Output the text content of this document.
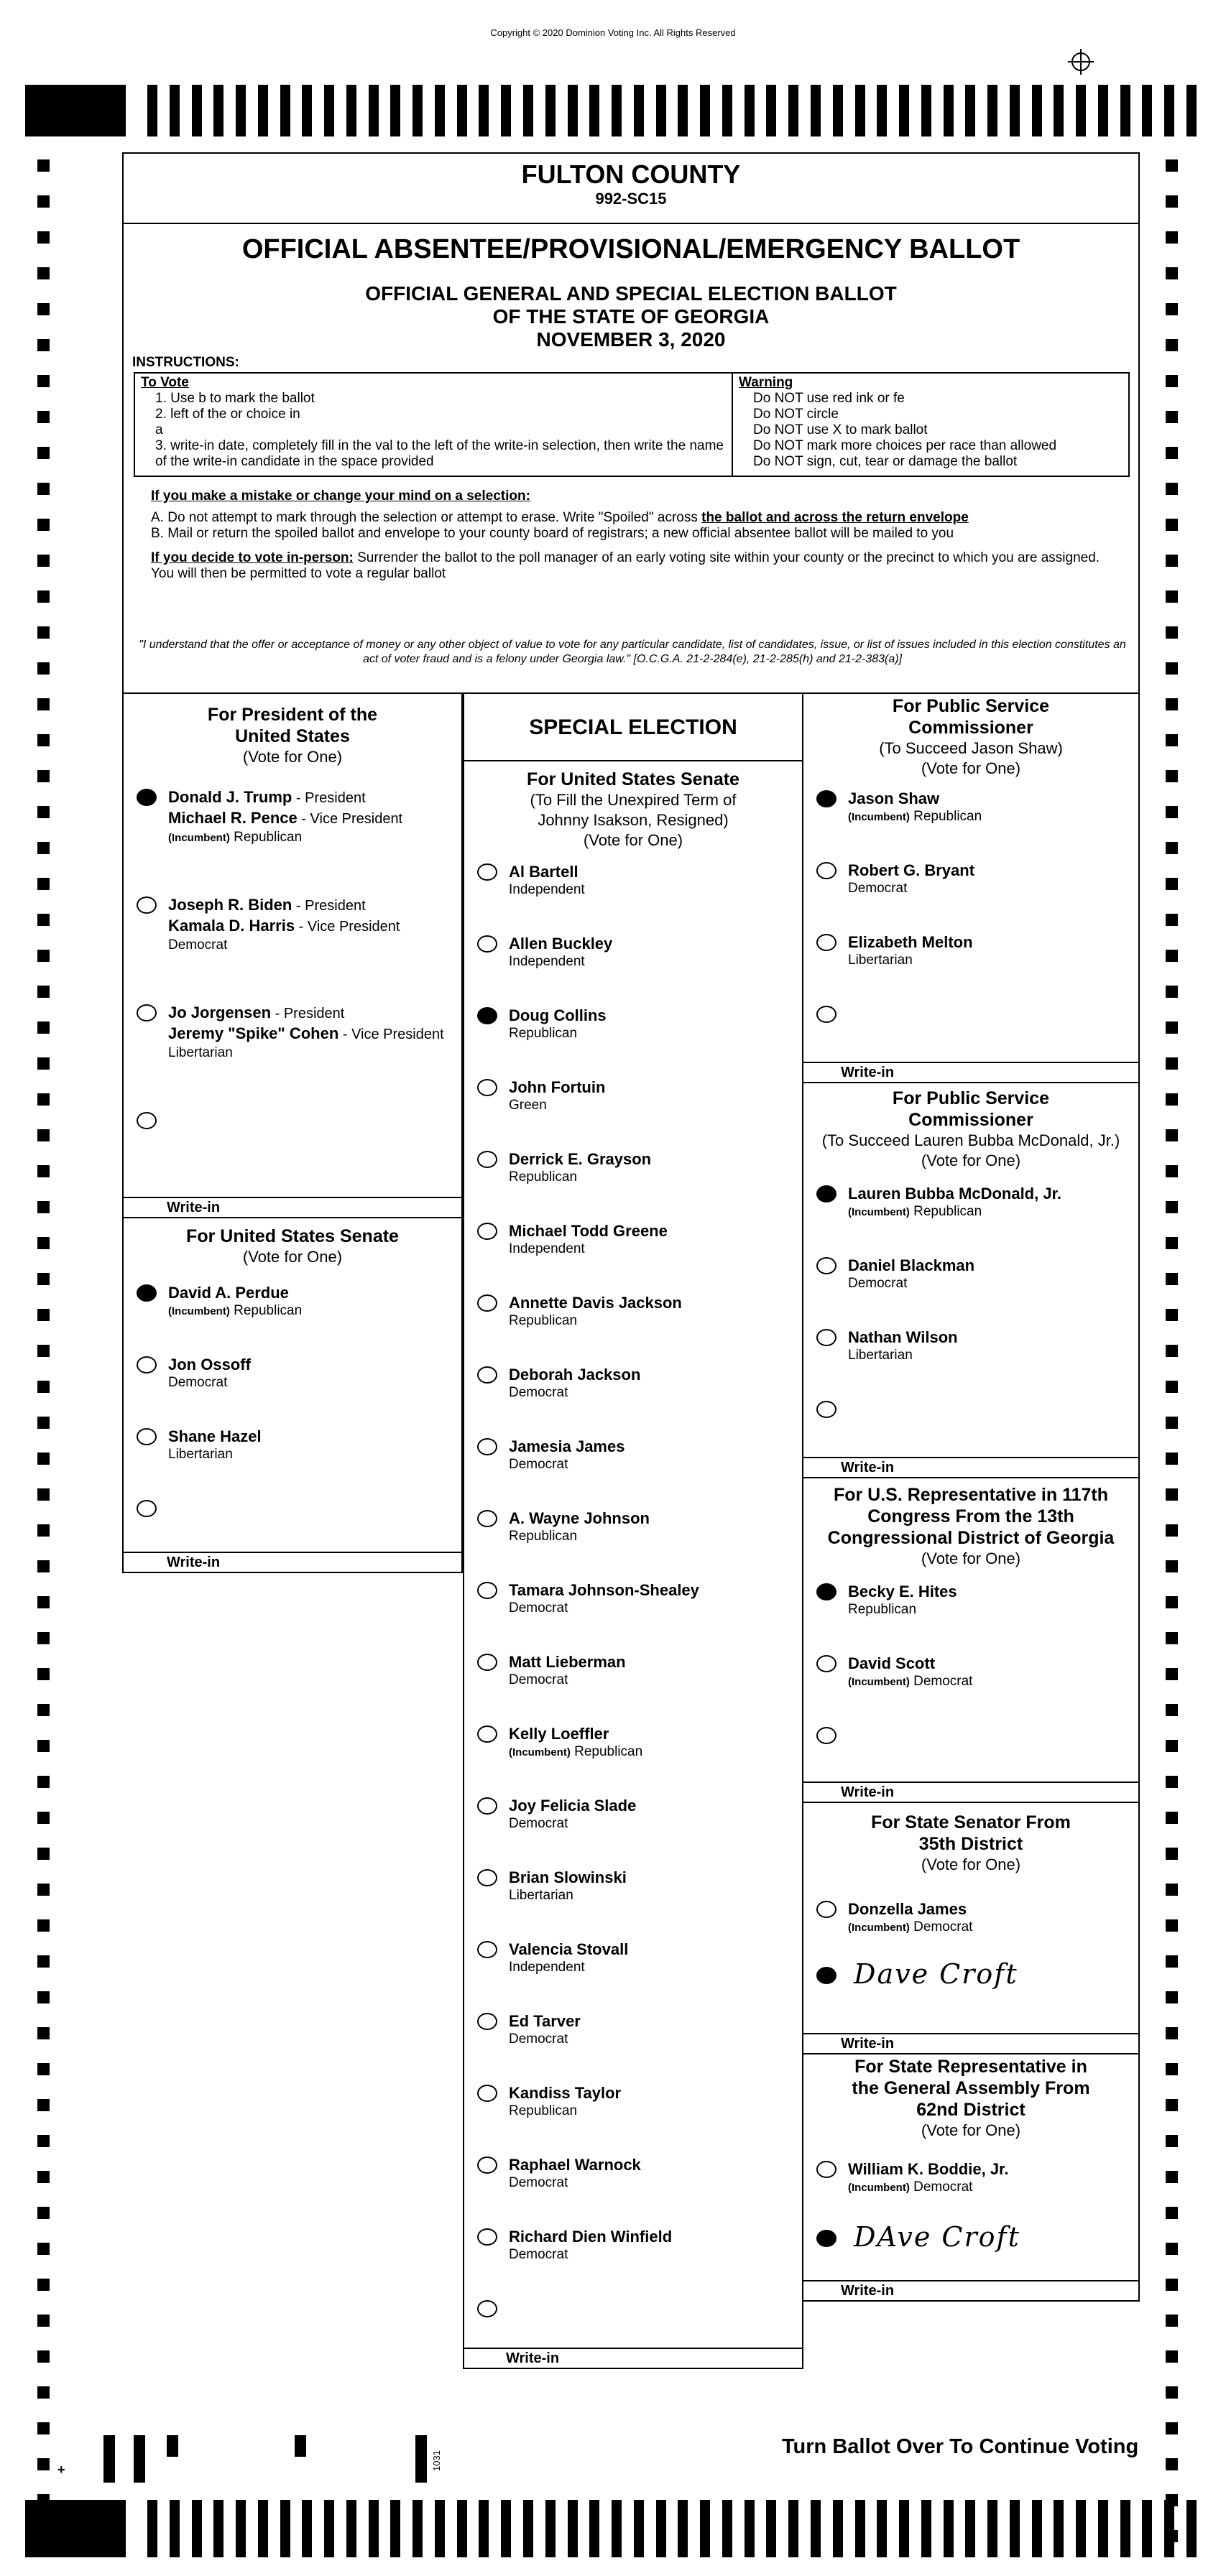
Copyright © 2020 Dominion Voting Inc. All Rights Reserved
FULTON COUNTY
992-SC15
OFFICIAL ABSENTEE/PROVISIONAL/EMERGENCY BALLOT
OFFICIAL GENERAL AND SPECIAL ELECTION BALLOT
OF THE STATE OF GEORGIA
NOVEMBER 3, 2020
INSTRUCTIONS:
To Vote
1. Use b to mark the ballot
2. left of the or choice in
a
3. write-in date, completely fill in the val to the left of the write-in selection, then write the name of the write-in candidate in the space provided
Warning
Do NOT use red ink or fe
Do NOT circle
Do NOT use X to mark ballot
Do NOT mark more choices per race than allowed
Do NOT sign, cut, tear or damage the ballot
If you make a mistake or change your mind on a selection:
A. Do not attempt to mark through the selection or attempt to erase. Write "Spoiled" across the ballot and across the return envelope
B. Mail or return the spoiled ballot and envelope to your county board of registrars; a new official absentee ballot will be mailed to you
If you decide to vote in-person: Surrender the ballot to the poll manager of an early voting site within your county or the precinct to which you are assigned. You will then be permitted to vote a regular ballot
"I understand that the offer or acceptance of money or any other object of value to vote for any particular candidate, list of candidates, issue, or list of issues included in this election constitutes an act of voter fraud and is a felony under Georgia law." [O.C.G.A. 21-2-284(e), 21-2-285(h) and 21-2-383(a)]
For President of the United States
(Vote for One)
Donald J. Trump - President
Michael R. Pence - Vice President
(Incumbent) Republican
Joseph R. Biden - President
Kamala D. Harris - Vice President
Democrat
Jo Jorgensen - President
Jeremy "Spike" Cohen - Vice President
Libertarian
Write-in
For United States Senate
(Vote for One)
David A. Perdue
(Incumbent) Republican
Jon Ossoff
Democrat
Shane Hazel
Libertarian
Write-in
SPECIAL ELECTION
For United States Senate
(To Fill the Unexpired Term of Johnny Isakson, Resigned)
(Vote for One)
Al Bartell
Independent
Allen Buckley
Independent
Doug Collins
Republican
John Fortuin
Green
Derrick E. Grayson
Republican
Michael Todd Greene
Independent
Annette Davis Jackson
Republican
Deborah Jackson
Democrat
Jamesia James
Democrat
A. Wayne Johnson
Republican
Tamara Johnson-Shealey
Democrat
Matt Lieberman
Democrat
Kelly Loeffler
(Incumbent) Republican
Joy Felicia Slade
Democrat
Brian Slowinski
Libertarian
Valencia Stovall
Independent
Ed Tarver
Democrat
Kandiss Taylor
Republican
Raphael Warnock
Democrat
Richard Dien Winfield
Democrat
Write-in
For Public Service Commissioner
(To Succeed Jason Shaw)
(Vote for One)
Jason Shaw
(Incumbent) Republican
Robert G. Bryant
Democrat
Elizabeth Melton
Libertarian
Write-in
For Public Service Commissioner
(To Succeed Lauren Bubba McDonald, Jr.)
(Vote for One)
Lauren Bubba McDonald, Jr.
(Incumbent) Republican
Daniel Blackman
Democrat
Nathan Wilson
Libertarian
Write-in
For U.S. Representative in 117th Congress From the 13th Congressional District of Georgia
(Vote for One)
Becky E. Hites
Republican
David Scott
(Incumbent) Democrat
Write-in
For State Senator From 35th District
(Vote for One)
Donzella James
(Incumbent) Democrat
Dave Croft
Write-in
For State Representative in the General Assembly From 62nd District
(Vote for One)
William K. Boddie, Jr.
(Incumbent) Democrat
DAve Croft
Write-in
+	1031
Turn Ballot Over To Continue Voting
